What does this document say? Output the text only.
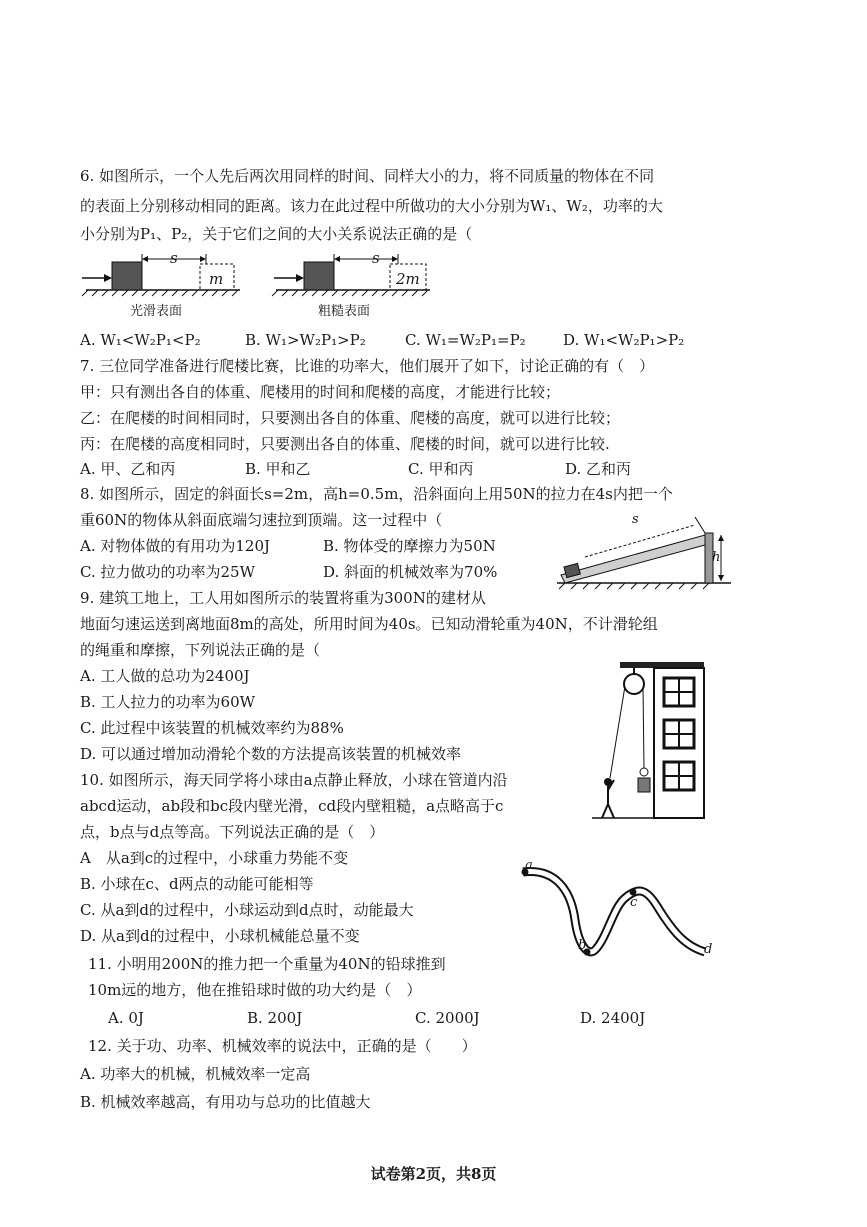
6. 如图所示，一个人先后两次用同样的时间、同样大小的力，将不同质量的物体在不同
的表面上分别移动相同的距离。该力在此过程中所做功的大小分别为W₁、W₂，功率的大
小分别为P₁、P₂，关于它们之间的大小关系说法正确的是（
s
m
光滑表面
s
2m
粗糙表面
A. W₁<W₂P₁<P₂	B. W₁>W₂P₁>P₂	C. W₁=W₂P₁=P₂ D. W₁<W₂P₁>P₂
7. 三位同学准备进行爬楼比赛，比谁的功率大，他们展开了如下，讨论正确的有（　）
甲：只有测出各自的体重、爬楼用的时间和爬楼的高度，才能进行比较；
乙：在爬楼的时间相同时，只要测出各自的体重、爬楼的高度，就可以进行比较；
丙：在爬楼的高度相同时，只要测出各自的体重、爬楼的时间，就可以进行比较.
A. 甲、乙和丙	B. 甲和乙	C. 甲和丙	D. 乙和丙
8. 如图所示，固定的斜面长s=2m，高h=0.5m，沿斜面向上用50N的拉力在4s内把一个
重60N的物体从斜面底端匀速拉到顶端。这一过程中（
A. 对物体做的有用功为120J	B. 物体受的摩擦力为50N
C. 拉力做功的功率为25W	D. 斜面的机械效率为70%
s
h
9. 建筑工地上，工人用如图所示的装置将重为300N的建材从
地面匀速运送到离地面8m的高处，所用时间为40s。已知动滑轮重为40N，不计滑轮组
的绳重和摩擦，下列说法正确的是（
A. 工人做的总功为2400J
B. 工人拉力的功率为60W
C. 此过程中该装置的机械效率约为88%
D. 可以通过增加动滑轮个数的方法提高该装置的机械效率
10. 如图所示，海天同学将小球由a点静止释放，小球在管道内沿
abcd运动，ab段和bc段内壁光滑，cd段内壁粗糙，a点略高于c
点，b点与d点等高。下列说法正确的是（　）
A　从a到c的过程中，小球重力势能不变
B. 小球在c、d两点的动能可能相等
C. 从a到d的过程中，小球运动到d点时，动能最大
D. 从a到d的过程中，小球机械能总量不变
a
b
c
d
11. 小明用200N的推力把一个重量为40N的铅球推到
10m远的地方，他在推铅球时做的功大约是（　）
A. 0J	B. 200J	C. 2000J	D. 2400J
12. 关于功、功率、机械效率的说法中，正确的是（　　）
A. 功率大的机械，机械效率一定高
B. 机械效率越高，有用功与总功的比值越大
试卷第2页，共8页
